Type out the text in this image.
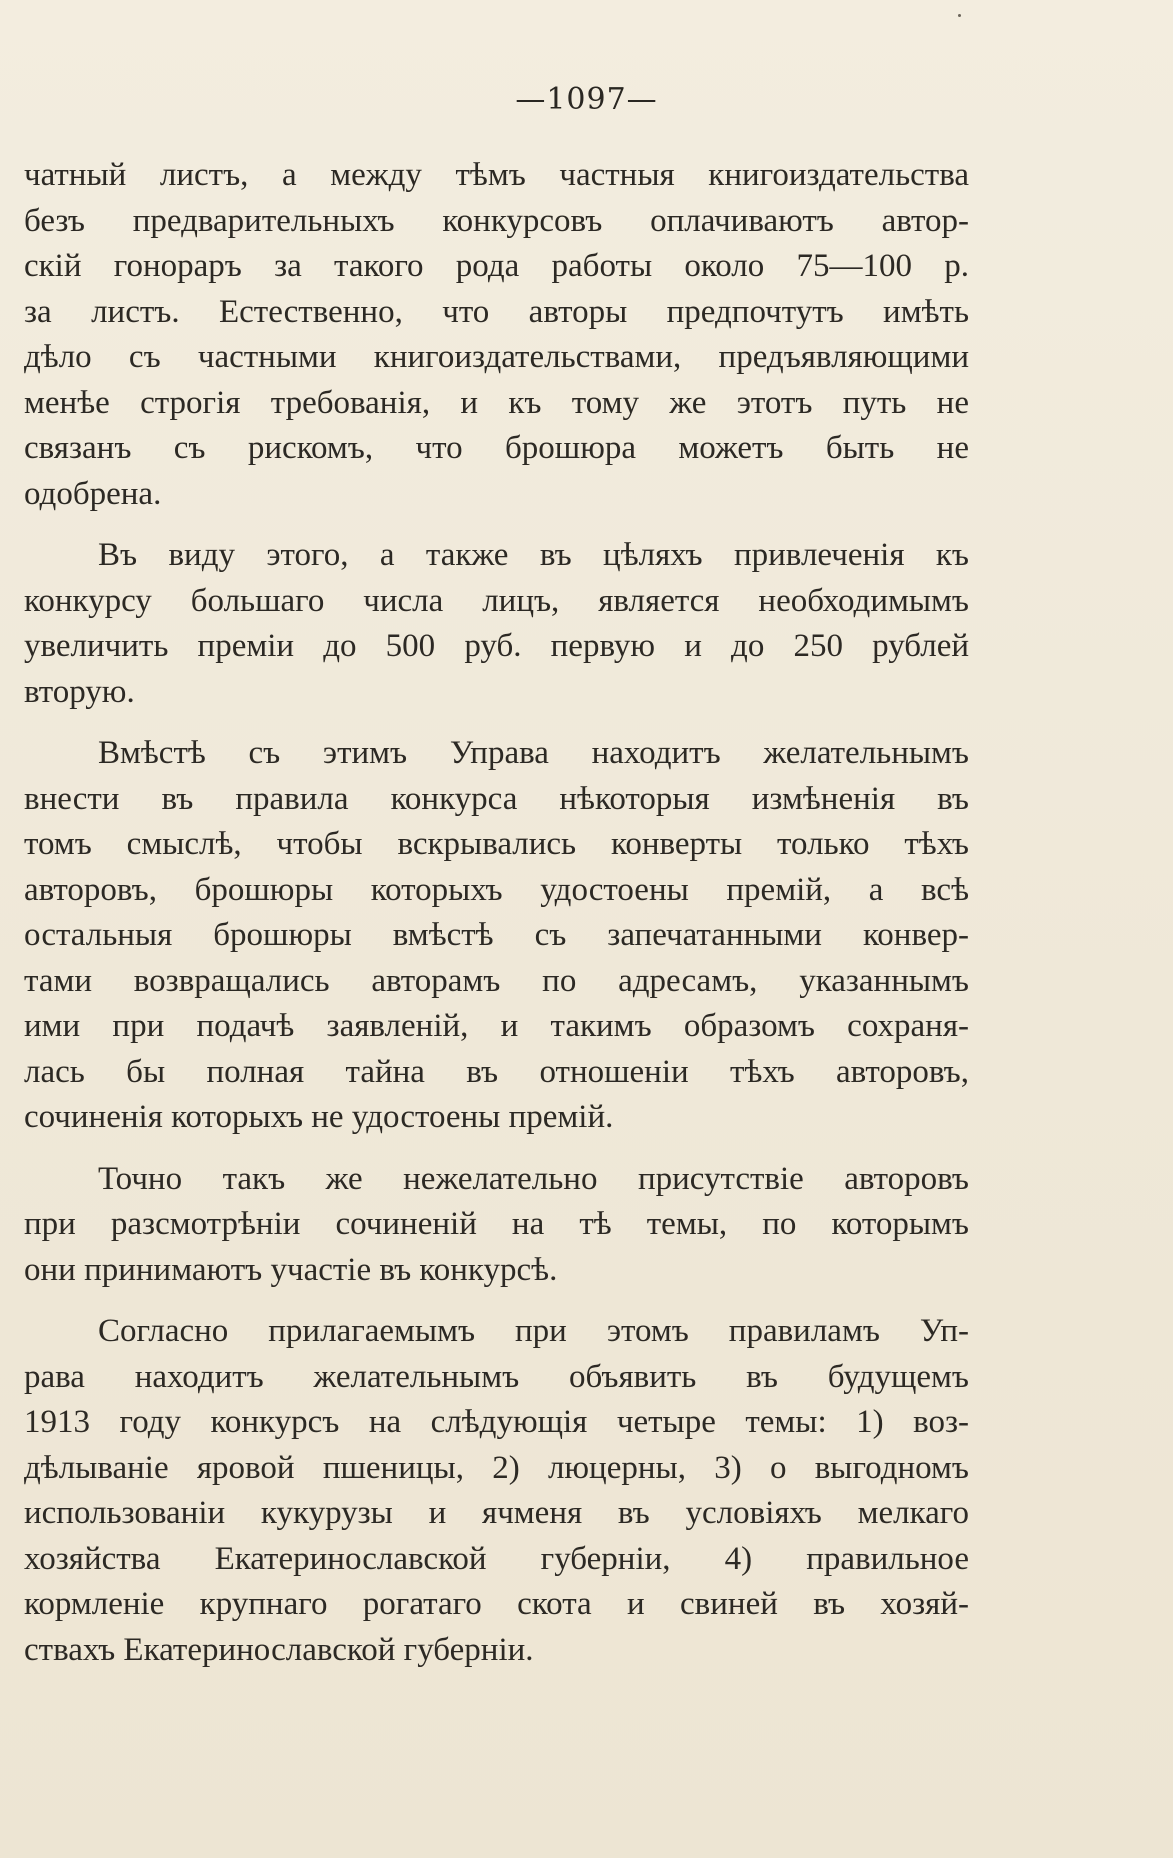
—1097—

чатный листъ, а между тѣмъ частныя книгоиздательства
безъ предварительныхъ конкурсовъ оплачиваютъ автор-
скій гонораръ за такого рода работы около 75—100 р.
за листъ. Естественно, что авторы предпочтутъ имѣть
дѣло съ частными книгоиздательствами, предъявляющими
менѣе строгія требованія, и къ тому же этотъ путь не
связанъ съ рискомъ, что брошюра можетъ быть не
одобрена.

Въ виду этого, а также въ цѣляхъ привлеченія къ
конкурсу большаго числа лицъ, является необходимымъ
увеличить преміи до 500 руб. первую и до 250 рублей
вторую.

Вмѣстѣ съ этимъ Управа находитъ желательнымъ
внести въ правила конкурса нѣкоторыя измѣненія въ
томъ смыслѣ, чтобы вскрывались конверты только тѣхъ
авторовъ, брошюры которыхъ удостоены премій, а всѣ
остальныя брошюры вмѣстѣ съ запечатанными конвер-
тами возвращались авторамъ по адресамъ, указаннымъ
ими при подачѣ заявленій, и такимъ образомъ сохраня-
лась бы полная тайна въ отношеніи тѣхъ авторовъ,
сочиненія которыхъ не удостоены премій.

Точно такъ же нежелательно присутствіе авторовъ
при разсмотрѣніи сочиненій на тѣ темы, по которымъ
они принимаютъ участіе въ конкурсѣ.

Согласно прилагаемымъ при этомъ правиламъ Уп-
рава находитъ желательнымъ объявить въ будущемъ
1913 году конкурсъ на слѣдующія четыре темы: 1) воз-
дѣлываніе яровой пшеницы, 2) люцерны, 3) о выгодномъ
использованіи кукурузы и ячменя въ условіяхъ мелкаго
хозяйства Екатеринославской губерніи, 4) правильное
кормленіе крупнаго рогатаго скота и свиней въ хозяй-
ствахъ Екатеринославской губерніи.
